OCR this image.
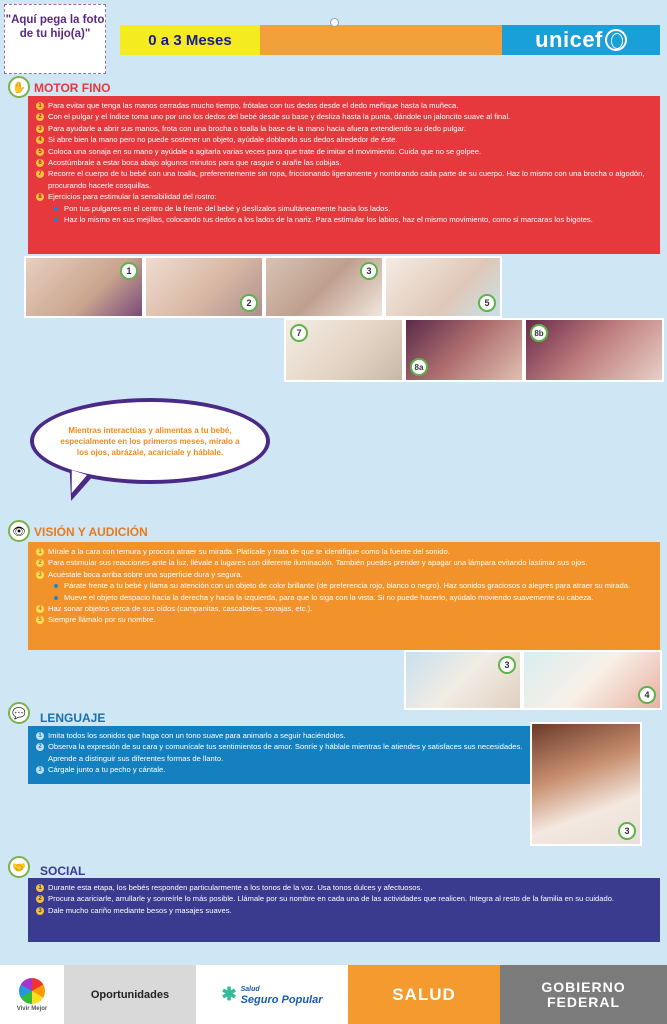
"Aquí pega la foto de tu hijo(a)"	0 a 3 Meses	unicef
✋ MOTOR FINO
1 Para evitar que tenga las manos cerradas mucho tiempo, frótalas con tus dedos desde el dedo meñique hasta la muñeca.
2 Con el pulgar y el índice toma uno por uno los dedos del bebé desde su base y desliza hasta la punta, dándole un jaloncito suave al final.
3 Para ayudarle a abrir sus manos, frota con una brocha o toalla la base de la mano hacia afuera extendiendo su dedo pulgar.
4 Si abre bien la mano pero no puede sostener un objeto, ayúdale doblando sus dedos alrededor de éste.
5 Coloca una sonaja en su mano y ayúdale a agitarla varias veces para que trate de imitar el movimiento. Cuida que no se golpee.
6 Acostúmbrale a estar boca abajo algunos minutos para que rasgue o arañe las cobijas.
7 Recorre el cuerpo de tu bebé con una toalla, preferentemente sin ropa, friccionando ligeramente y nombrando cada parte de su cuerpo. Haz lo mismo con una brocha o algodón, procurando hacerle cosquillas.
8 Ejercicios para estimular la sensibilidad del rostro:
Pon tus pulgares en el centro de la frente del bebé y deslízalos simultáneamente hacia los lados.
Haz lo mismo en sus mejillas, colocando tus dedos a los lados de la nariz. Para estimular los labios, haz el mismo movimiento, como si marcaras los bigotes.
1
2
3
5
7
8a
8b
Mientras interactúas y alimentas a tu bebé, especialmente en los primeros meses, míralo a los ojos, abrázale, acariciale y háblale.
👁 VISIÓN Y AUDICIÓN
1 Mírale a la cara con ternura y procura atraer su mirada. Platícale y trata de que te identifique como la fuente del sonido.
2 Para estimular sus reacciones ante la luz, llévale a lugares con diferente iluminación. También puedes prender y apagar una lámpara evitando lastimar sus ojos.
3 Acuéstale boca arriba sobre una superficie dura y segura.
Párate frente a tu bebé y llama su atención con un objeto de color brillante (de preferencia rojo, blanco o negro). Haz sonidos graciosos o alegres para atraer su mirada.
Mueve el objeto despacio hacia la derecha y hacia la izquierda, para que lo siga con la vista. Si no puede hacerlo, ayúdalo moviendo suavemente su cabeza.
4 Haz sonar objetos cerca de sus oídos (campanitas, cascabeles, sonajas, etc.).
5 Siempre llámalo por su nombre.
3
4
💬	LENGUAJE
1 Imita todos los sonidos que haga con un tono suave para animarlo a seguir haciéndolos.
2 Observa la expresión de su cara y comunícale tus sentimientos de amor. Sonríe y háblale mientras le atiendes y satisfaces sus necesidades. Aprende a distinguir sus diferentes formas de llanto.
3 Cárgale junto a tu pecho y cántale.
3
🤝	SOCIAL
1 Durante esta etapa, los bebés responden particularmente a los tonos de la voz. Usa tonos dulces y afectuosos.
2 Procura acariciarle, arrullarle y sonreírle lo más posible. Llámale por su nombre en cada una de las actividades que realicen. Integra al resto de la familia en su cuidado.
3 Dale mucho cariño mediante besos y masajes suaves.
Vivir Mejor
Oportunidades	✱ Salud
Seguro Popular	SALUD	GOBIERNO FEDERAL
